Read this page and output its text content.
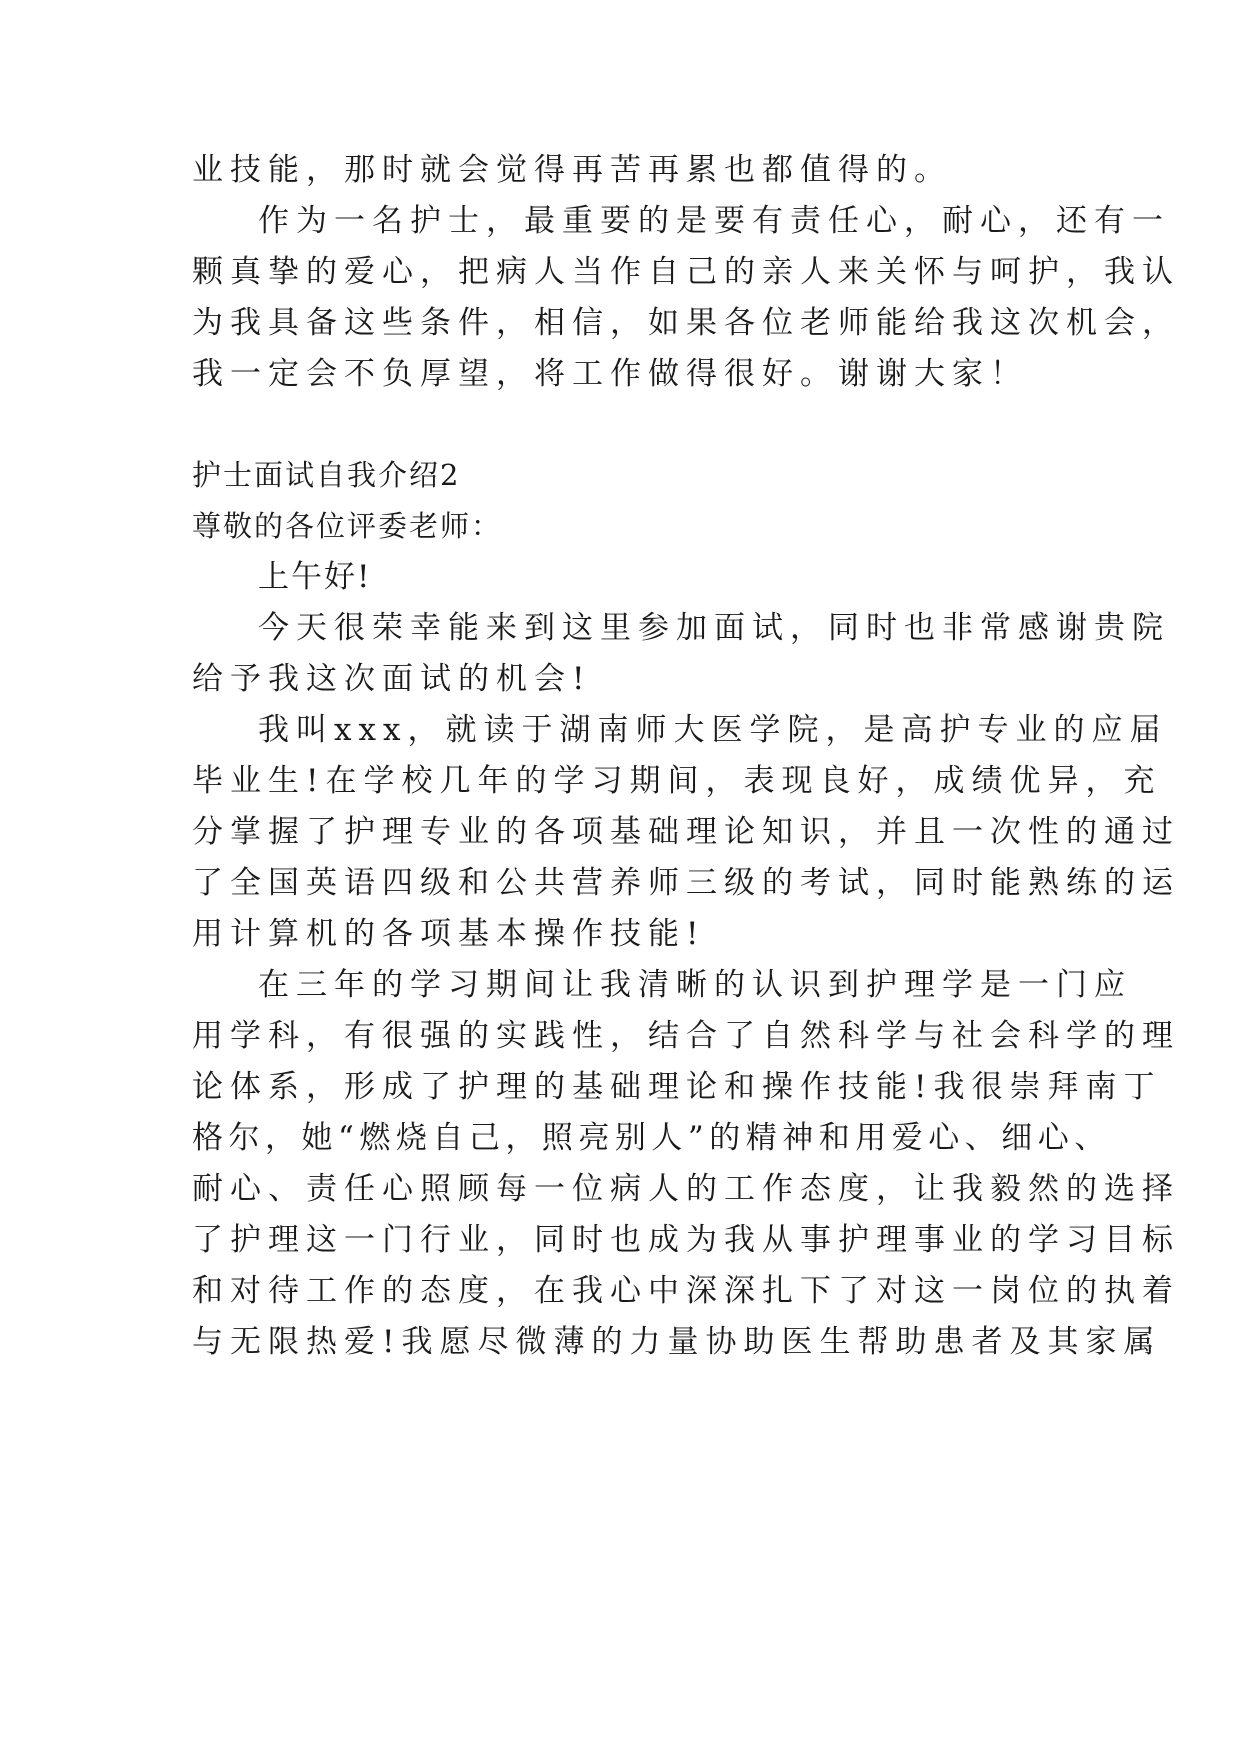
业技能，那时就会觉得再苦再累也都值得的。
作为一名护士，最重要的是要有责任心，耐心，还有一
颗真挚的爱心，把病人当作自己的亲人来关怀与呵护，我认
为我具备这些条件，相信，如果各位老师能给我这次机会，
我一定会不负厚望，将工作做得很好。谢谢大家！
护士面试自我介绍2
尊敬的各位评委老师：
上午好!
今天很荣幸能来到这里参加面试，同时也非常感谢贵院
给予我这次面试的机会!
我叫xxx，就读于湖南师大医学院，是高护专业的应届
毕业生!在学校几年的学习期间，表现良好，成绩优异，充
分掌握了护理专业的各项基础理论知识，并且一次性的通过
了全国英语四级和公共营养师三级的考试，同时能熟练的运
用计算机的各项基本操作技能!
在三年的学习期间让我清晰的认识到护理学是一门应
用学科，有很强的实践性，结合了自然科学与社会科学的理
论体系，形成了护理的基础理论和操作技能!我很崇拜南丁
格尔，她“燃烧自己，照亮别人”的精神和用爱心、细心、
耐心、责任心照顾每一位病人的工作态度，让我毅然的选择
了护理这一门行业，同时也成为我从事护理事业的学习目标
和对待工作的态度，在我心中深深扎下了对这一岗位的执着
与无限热爱!我愿尽微薄的力量协助医生帮助患者及其家属
